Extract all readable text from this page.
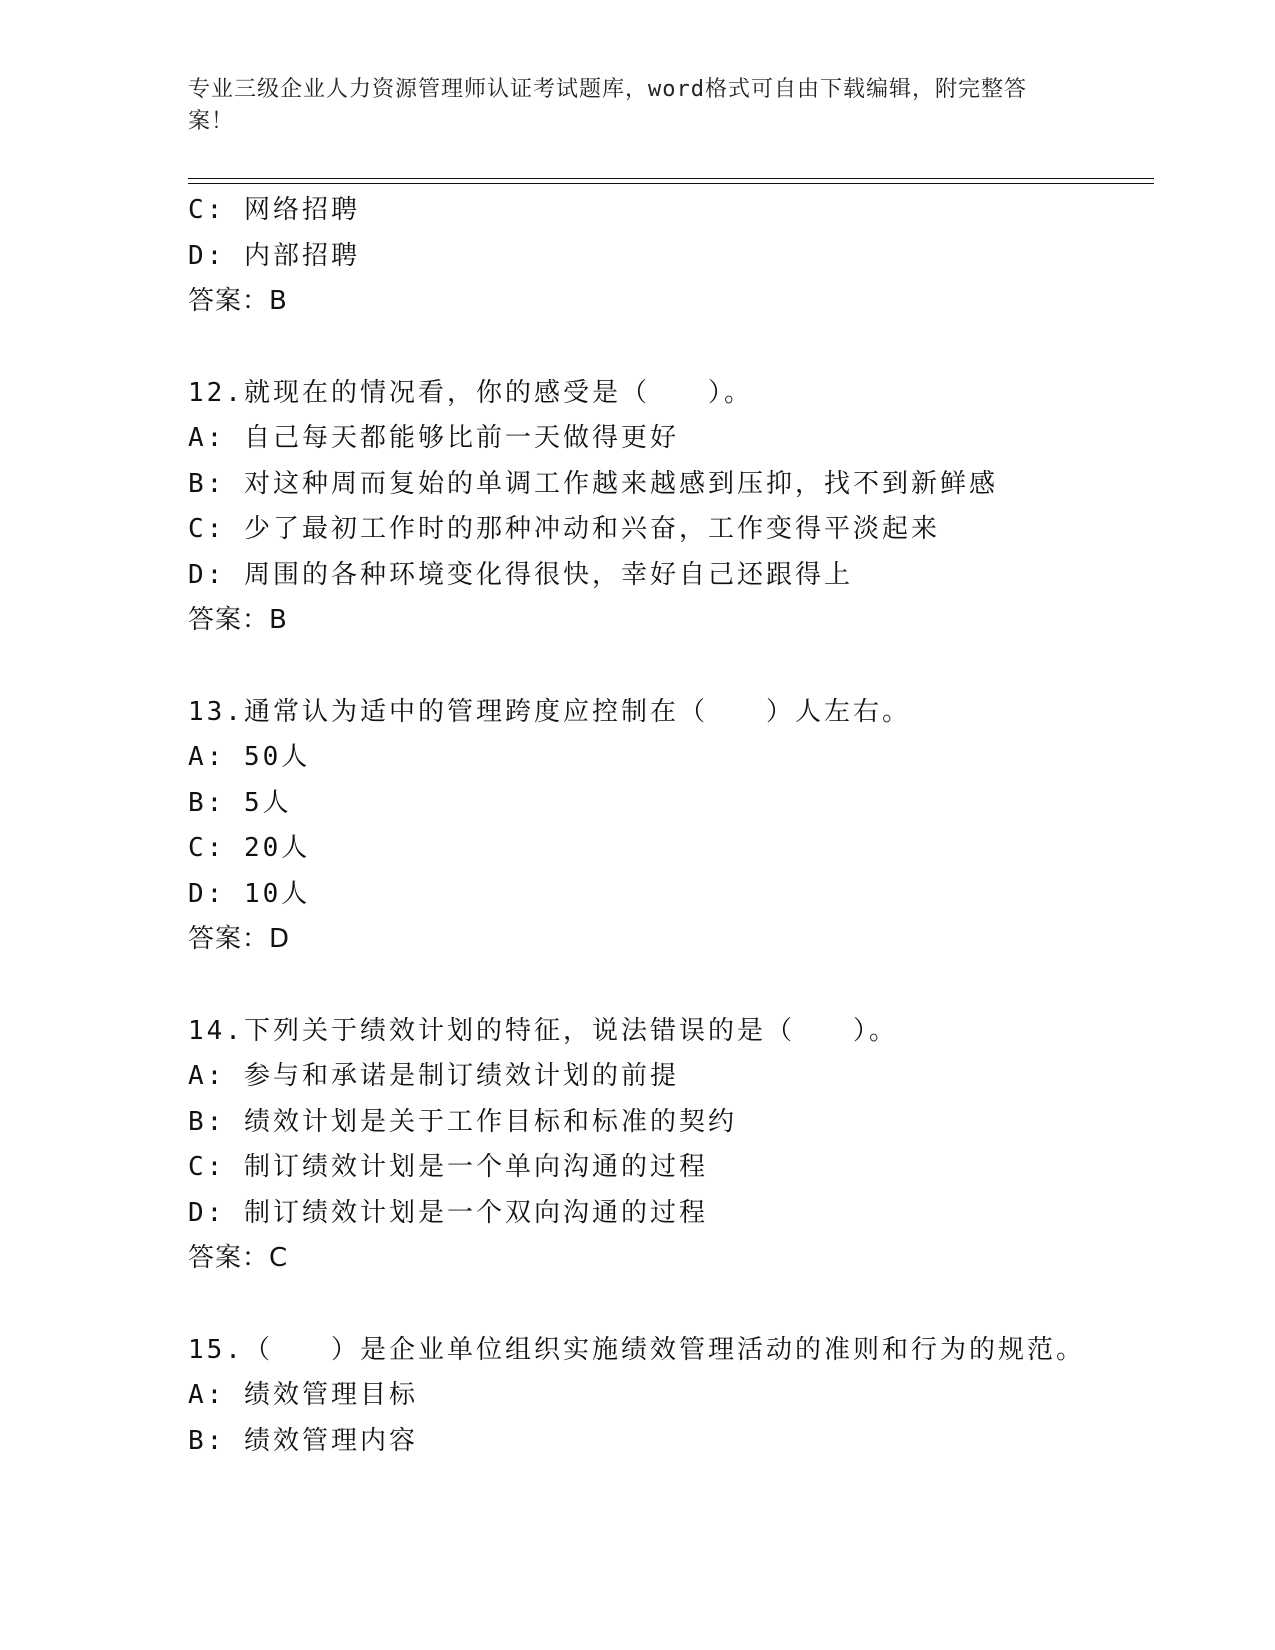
专业三级企业人力资源管理师认证考试题库，word格式可自由下载编辑，附完整答案！
C: 网络招聘
D: 内部招聘
答案：B
12.就现在的情况看，你的感受是（　　）。
A: 自己每天都能够比前一天做得更好
B: 对这种周而复始的单调工作越来越感到压抑，找不到新鲜感
C: 少了最初工作时的那种冲动和兴奋，工作变得平淡起来
D: 周围的各种环境变化得很快，幸好自己还跟得上
答案：B
13.通常认为适中的管理跨度应控制在（　　）人左右。
A: 50人
B: 5人
C: 20人
D: 10人
答案：D
14.下列关于绩效计划的特征，说法错误的是（　　）。
A: 参与和承诺是制订绩效计划的前提
B: 绩效计划是关于工作目标和标准的契约
C: 制订绩效计划是一个单向沟通的过程
D: 制订绩效计划是一个双向沟通的过程
答案：C
15.（　　）是企业单位组织实施绩效管理活动的准则和行为的规范。
A: 绩效管理目标
B: 绩效管理内容
